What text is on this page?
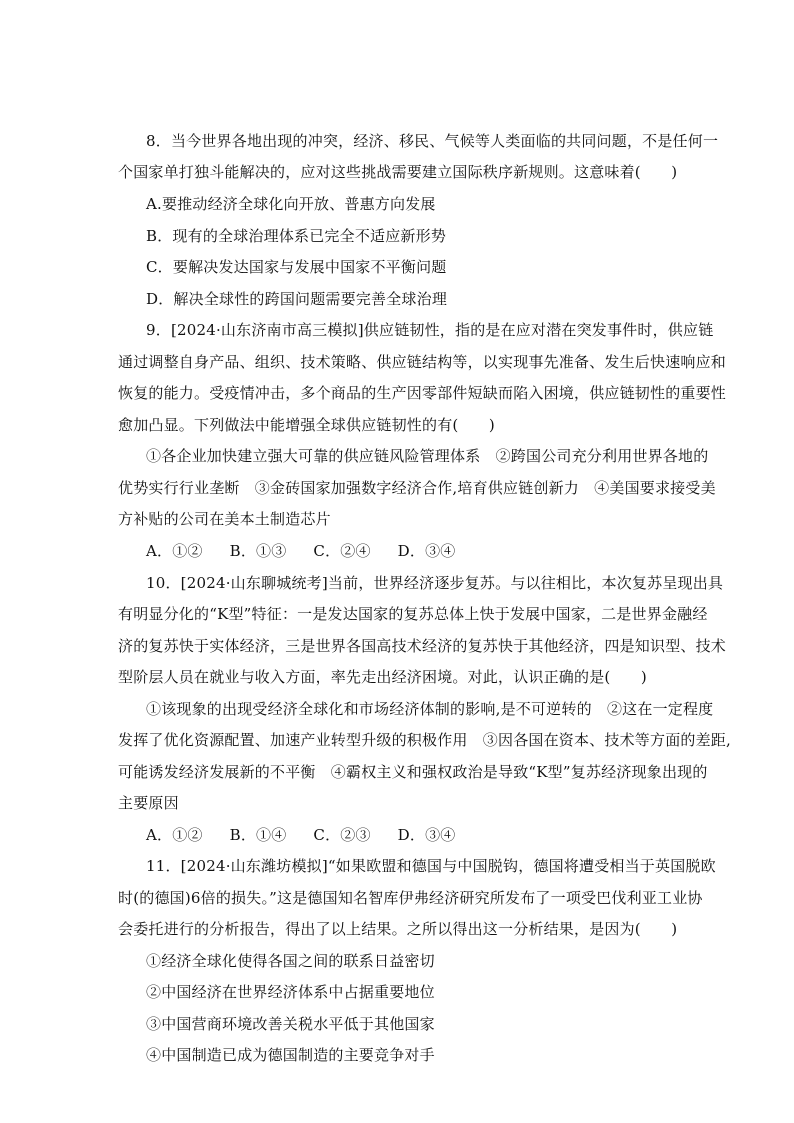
8．当今世界各地出现的冲突，经济、移民、气候等人类面临的共同问题，不是任何一
个国家单打独斗能解决的，应对这些挑战需要建立国际秩序新规则。这意味着(　　)
A.要推动经济全球化向开放、普惠方向发展
B．现有的全球治理体系已完全不适应新形势
C．要解决发达国家与发展中国家不平衡问题
D．解决全球性的跨国问题需要完善全球治理
9．[2024·山东济南市高三模拟]供应链韧性，指的是在应对潜在突发事件时，供应链
通过调整自身产品、组织、技术策略、供应链结构等，以实现事先准备、发生后快速响应和
恢复的能力。受疫情冲击，多个商品的生产因零部件短缺而陷入困境，供应链韧性的重要性
愈加凸显。下列做法中能增强全球供应链韧性的有(　　)
①各企业加快建立强大可靠的供应链风险管理体系　②跨国公司充分利用世界各地的
优势实行行业垄断　③金砖国家加强数字经济合作,培育供应链创新力　④美国要求接受美
方补贴的公司在美本土制造芯片
A．①② B．①③ C．②④ D．③④
10．[2024·山东聊城统考]当前，世界经济逐步复苏。与以往相比，本次复苏呈现出具
有明显分化的“K型”特征：一是发达国家的复苏总体上快于发展中国家，二是世界金融经
济的复苏快于实体经济，三是世界各国高技术经济的复苏快于其他经济，四是知识型、技术
型阶层人员在就业与收入方面，率先走出经济困境。对此，认识正确的是(　　)
①该现象的出现受经济全球化和市场经济体制的影响,是不可逆转的　②这在一定程度
发挥了优化资源配置、加速产业转型升级的积极作用　③因各国在资本、技术等方面的差距,
可能诱发经济发展新的不平衡　④霸权主义和强权政治是导致“K型”复苏经济现象出现的
主要原因
A．①② B．①④ C．②③ D．③④
11．[2024·山东潍坊模拟]“如果欧盟和德国与中国脱钩，德国将遭受相当于英国脱欧
时(的德国)6倍的损失。”这是德国知名智库伊弗经济研究所发布了一项受巴伐利亚工业协
会委托进行的分析报告，得出了以上结果。之所以得出这一分析结果，是因为(　　)
①经济全球化使得各国之间的联系日益密切
②中国经济在世界经济体系中占据重要地位
③中国营商环境改善关税水平低于其他国家
④中国制造已成为德国制造的主要竞争对手
